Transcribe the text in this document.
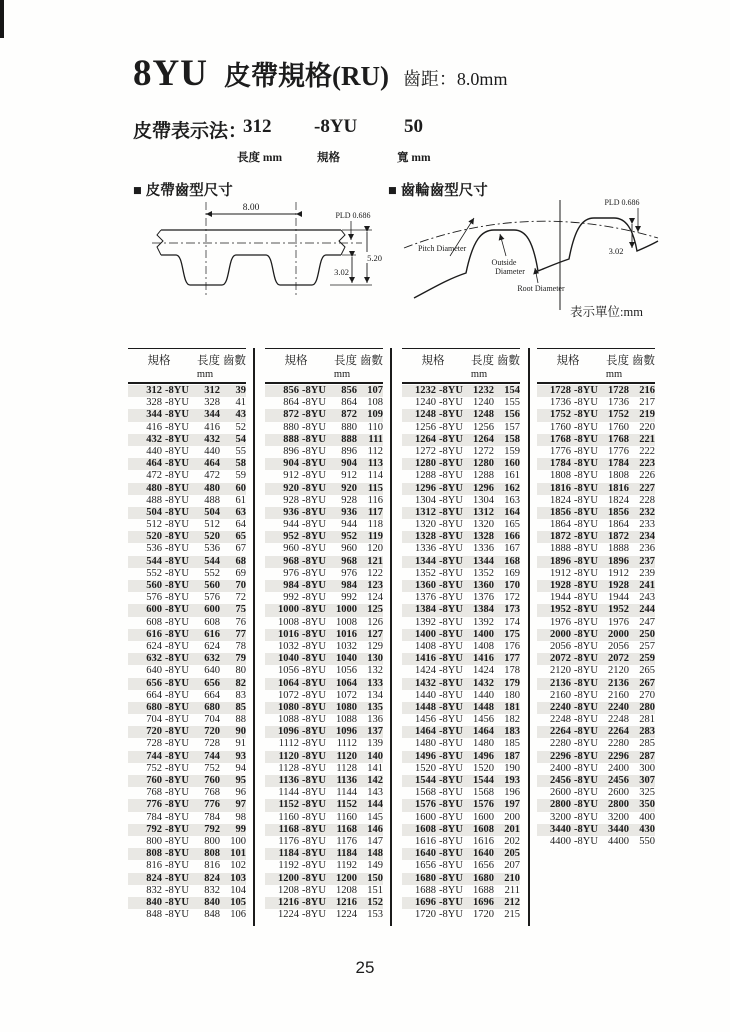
8YU 皮帶規格(RU) 齒距：8.0mm
皮帶表示法：
312 -8YU 50
長度 mm	規格	寬 mm
■ 皮帶齒型尺寸	■ 齒輪齒型尺寸
8.00
PLD 0.686
5.20
3.02
PLD 0.686
3.02
Pitch Diameter
Outside
Diameter
Root Diameter
表示單位:mm
規格	長度 齒數
mm
312 -8YU	312	39
328 -8YU	328	41
344 -8YU	344	43
416 -8YU	416	52
432 -8YU	432	54
440 -8YU	440	55
464 -8YU	464	58
472 -8YU	472	59
480 -8YU	480	60
488 -8YU	488	61
504 -8YU	504	63
512 -8YU	512	64
520 -8YU	520	65
536 -8YU	536	67
544 -8YU	544	68
552 -8YU	552	69
560 -8YU	560	70
576 -8YU	576	72
600 -8YU	600	75
608 -8YU	608	76
616 -8YU	616	77
624 -8YU	624	78
632 -8YU	632	79
640 -8YU	640	80
656 -8YU	656	82
664 -8YU	664	83
680 -8YU	680	85
704 -8YU	704	88
720 -8YU	720	90
728 -8YU	728	91
744 -8YU	744	93
752 -8YU	752	94
760 -8YU	760	95
768 -8YU	768	96
776 -8YU	776	97
784 -8YU	784	98
792 -8YU	792	99
800 -8YU	800 100
808 -8YU	808 101
816 -8YU	816 102
824 -8YU	824 103
832 -8YU	832 104
840 -8YU	840 105
848 -8YU	848 106
規格	長度 齒數
mm
856 -8YU	856 107
864 -8YU	864 108
872 -8YU	872 109
880 -8YU	880	110
888 -8YU	888	111
896 -8YU	896	112
904 -8YU	904	113
912 -8YU	912	114
920 -8YU	920	115
928 -8YU	928	116
936 -8YU	936	117
944 -8YU	944	118
952 -8YU	952	119
960 -8YU	960 120
968 -8YU	968 121
976 -8YU	976 122
984 -8YU	984 123
992 -8YU	992 124
1000 -8YU 1000 125
1008 -8YU 1008 126
1016 -8YU 1016 127
1032 -8YU 1032 129
1040 -8YU 1040 130
1056 -8YU 1056 132
1064 -8YU 1064 133
1072 -8YU 1072 134
1080 -8YU 1080 135
1088 -8YU 1088 136
1096 -8YU 1096 137
1112 -8YU	1112 139
1120 -8YU	1120 140
1128 -8YU 1128 141
1136 -8YU	1136 142
1144 -8YU 1144 143
1152 -8YU	1152 144
1160 -8YU 1160 145
1168 -8YU	1168 146
1176 -8YU 1176 147
1184 -8YU	1184 148
1192 -8YU 1192 149
1200 -8YU 1200 150
1208 -8YU 1208 151
1216 -8YU 1216 152
1224 -8YU 1224 153
規格	長度 齒數
mm
1232 -8YU 1232 154
1240 -8YU 1240 155
1248 -8YU 1248 156
1256 -8YU 1256 157
1264 -8YU 1264 158
1272 -8YU 1272 159
1280 -8YU 1280 160
1288 -8YU 1288 161
1296 -8YU 1296 162
1304 -8YU 1304 163
1312 -8YU 1312 164
1320 -8YU 1320 165
1328 -8YU 1328 166
1336 -8YU 1336 167
1344 -8YU 1344 168
1352 -8YU 1352 169
1360 -8YU 1360 170
1376 -8YU 1376 172
1384 -8YU 1384 173
1392 -8YU 1392 174
1400 -8YU 1400 175
1408 -8YU 1408 176
1416 -8YU 1416 177
1424 -8YU 1424 178
1432 -8YU 1432 179
1440 -8YU 1440 180
1448 -8YU 1448 181
1456 -8YU 1456 182
1464 -8YU 1464 183
1480 -8YU 1480 185
1496 -8YU 1496 187
1520 -8YU 1520 190
1544 -8YU 1544 193
1568 -8YU 1568 196
1576 -8YU 1576 197
1600 -8YU 1600 200
1608 -8YU 1608 201
1616 -8YU 1616 202
1640 -8YU 1640 205
1656 -8YU 1656 207
1680 -8YU 1680 210
1688 -8YU 1688	211
1696 -8YU 1696 212
1720 -8YU 1720 215
規格	長度 齒數
mm
1728 -8YU 1728 216
1736 -8YU 1736 217
1752 -8YU 1752 219
1760 -8YU 1760 220
1768 -8YU 1768 221
1776 -8YU 1776 222
1784 -8YU 1784 223
1808 -8YU 1808 226
1816 -8YU 1816 227
1824 -8YU 1824 228
1856 -8YU 1856 232
1864 -8YU 1864 233
1872 -8YU 1872 234
1888 -8YU 1888 236
1896 -8YU 1896 237
1912 -8YU 1912 239
1928 -8YU 1928 241
1944 -8YU 1944 243
1952 -8YU 1952 244
1976 -8YU 1976 247
2000 -8YU 2000 250
2056 -8YU 2056 257
2072 -8YU 2072 259
2120 -8YU 2120 265
2136 -8YU 2136 267
2160 -8YU 2160 270
2240 -8YU 2240 280
2248 -8YU 2248 281
2264 -8YU 2264 283
2280 -8YU 2280 285
2296 -8YU 2296 287
2400 -8YU 2400 300
2456 -8YU 2456 307
2600 -8YU 2600 325
2800 -8YU 2800 350
3200 -8YU 3200 400
3440 -8YU 3440 430
4400 -8YU 4400 550
25
